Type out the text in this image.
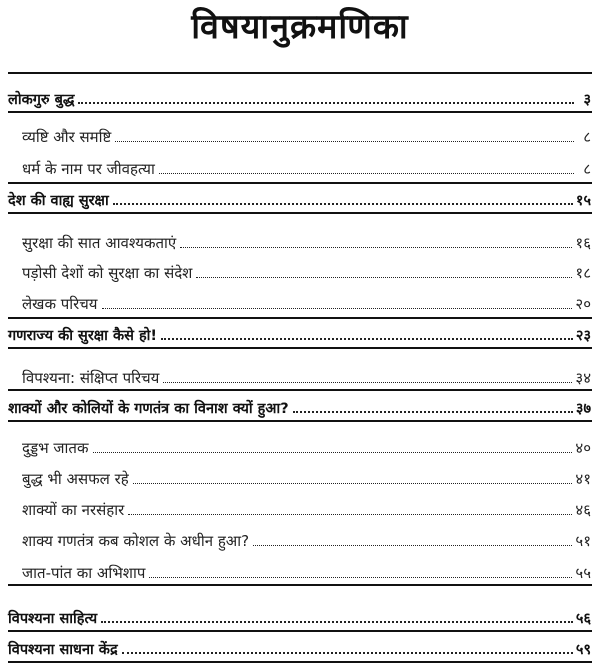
विषयानुक्रमणिका
लोकगुरु बुद्ध	३
व्यष्टि और समष्टि	८
धर्म के नाम पर जीवहत्या	८
देश की वाह्य सुरक्षा	१५
सुरक्षा की सात आवश्यकताएं	१६
पड़ोसी देशों को सुरक्षा का संदेश	१८
लेखक परिचय	२०
गणराज्य की सुरक्षा कैसे हो!	२३
विपश्यना: संक्षिप्त परिचय	३४
शाक्यों और कोलियों के गणतंत्र का विनाश क्यों हुआ?	३७
दुड्डभ जातक	४०
बुद्ध भी असफल रहे	४१
शाक्यों का नरसंहार	४६
शाक्य गणतंत्र कब कोशल के अधीन हुआ?	५१
जात-पांत का अभिशाप	५५
विपश्यना साहित्य	५६
विपश्यना साधना केंद्र	५९
